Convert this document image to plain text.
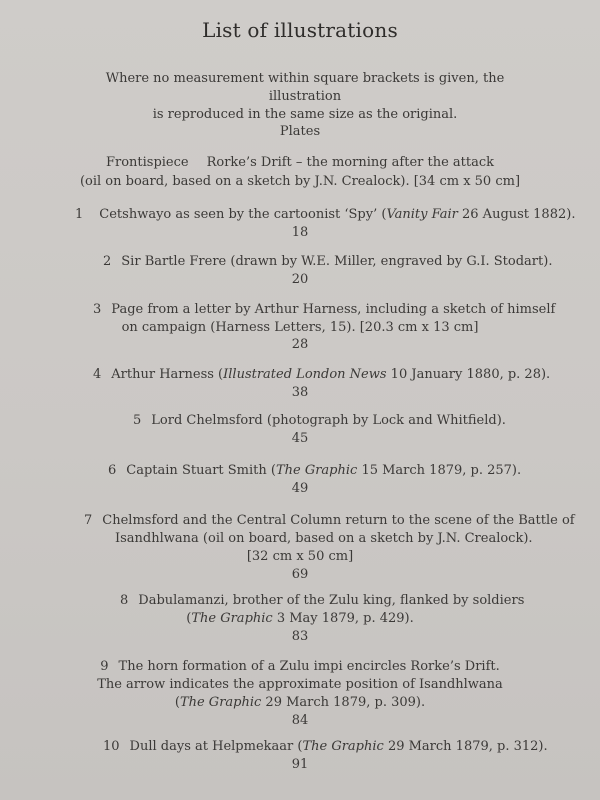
List of illustrations
Where no measurement within square brackets is given, the illustration
is reproduced in the same size as the original.
Plates
Frontispiece Rorke’s Drift – the morning after the attack
(oil on board, based on a sketch by J.N. Crealock). [34 cm x 50 cm]
1 Cetshwayo as seen by the cartoonist ‘Spy’ (Vanity Fair 26 August 1882).
18
2 Sir Bartle Frere (drawn by W.E. Miller, engraved by G.I. Stodart).
20
3 Page from a letter by Arthur Harness, including a sketch of himself
on campaign (Harness Letters, 15). [20.3 cm x 13 cm]
28
4 Arthur Harness (Illustrated London News 10 January 1880, p. 28).
38
5 Lord Chelmsford (photograph by Lock and Whitfield).
45
6 Captain Stuart Smith (The Graphic 15 March 1879, p. 257).
49
7 Chelmsford and the Central Column return to the scene of the Battle of
Isandhlwana (oil on board, based on a sketch by J.N. Crealock).
[32 cm x 50 cm]
69
8 Dabulamanzi, brother of the Zulu king, flanked by soldiers
(The Graphic 3 May 1879, p. 429).
83
9 The horn formation of a Zulu impi encircles Rorke’s Drift.
The arrow indicates the approximate position of Isandhlwana
(The Graphic 29 March 1879, p. 309).
84
10 Dull days at Helpmekaar (The Graphic 29 March 1879, p. 312).
91
